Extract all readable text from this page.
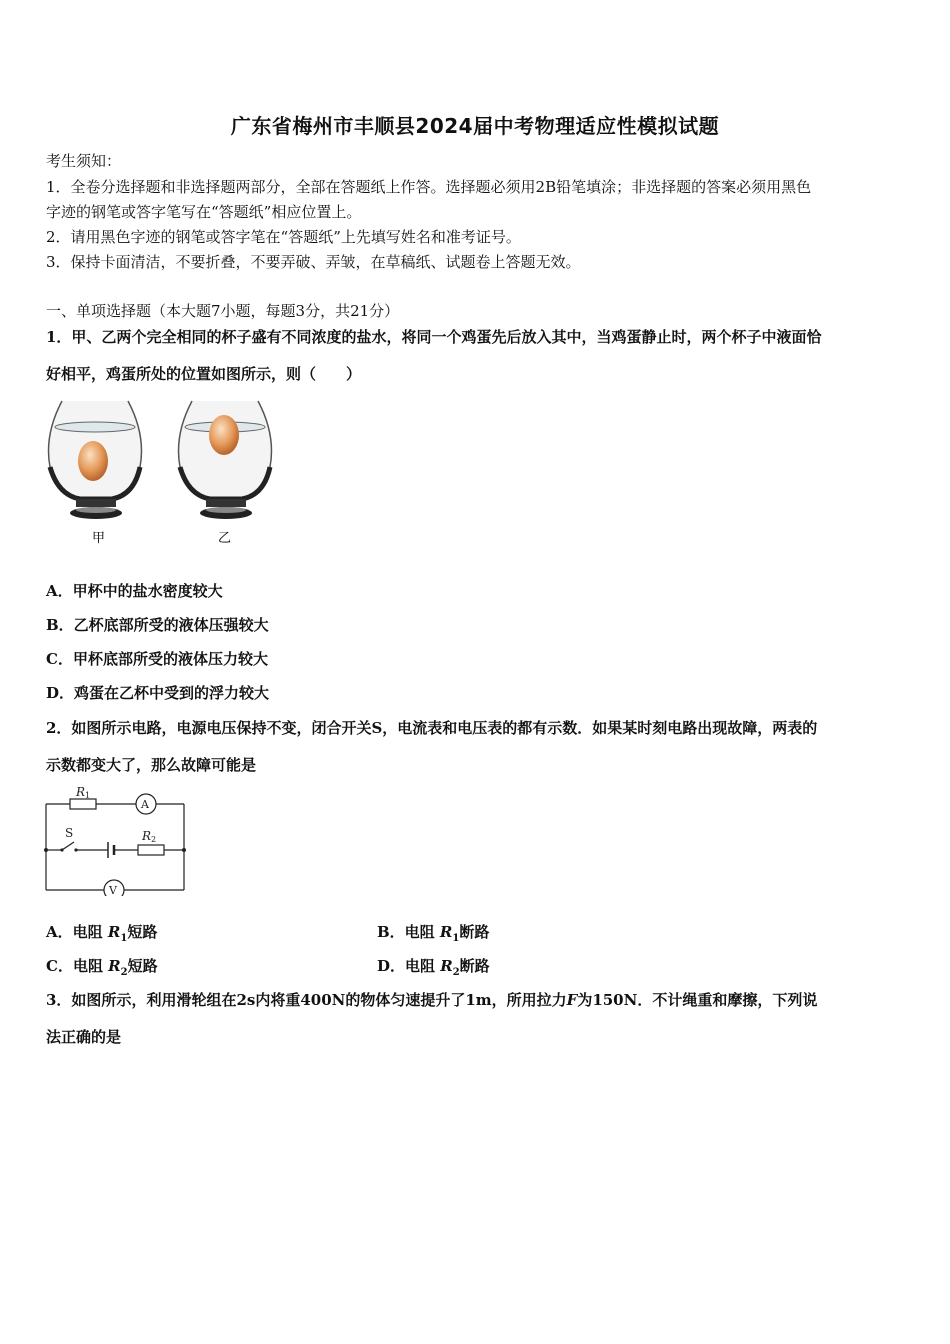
广东省梅州市丰顺县2024届中考物理适应性模拟试题
考生须知：
1．全卷分选择题和非选择题两部分，全部在答题纸上作答。选择题必须用2B铅笔填涂；非选择题的答案必须用黑色
字迹的钢笔或答字笔写在“答题纸”相应位置上。
2．请用黑色字迹的钢笔或答字笔在“答题纸”上先填写姓名和准考证号。
3．保持卡面清洁，不要折叠，不要弄破、弄皱，在草稿纸、试题卷上答题无效。
一、单项选择题（本大题7小题，每题3分，共21分）
1．甲、乙两个完全相同的杯子盛有不同浓度的盐水，将同一个鸡蛋先后放入其中，当鸡蛋静止时，两个杯子中液面恰
好相平，鸡蛋所处的位置如图所示，则（　　）
甲	乙
A．甲杯中的盐水密度较大
B．乙杯底部所受的液体压强较大
C．甲杯底部所受的液体压力较大
D．鸡蛋在乙杯中受到的浮力较大
2．如图所示电路，电源电压保持不变，闭合开关S，电流表和电压表的都有示数．如果某时刻电路出现故障，两表的
示数都变大了，那么故障可能是
R 1
A
S	R 2
V
A．电阻 $R_1$短路	B．电阻 $R_1$断路
C．电阻 $R_2$短路	D．电阻 $R_2$断路
3．如图所示，利用滑轮组在2s内将重400N的物体匀速提升了1m，所用拉力F为150N．不计绳重和摩擦，下列说
法正确的是
